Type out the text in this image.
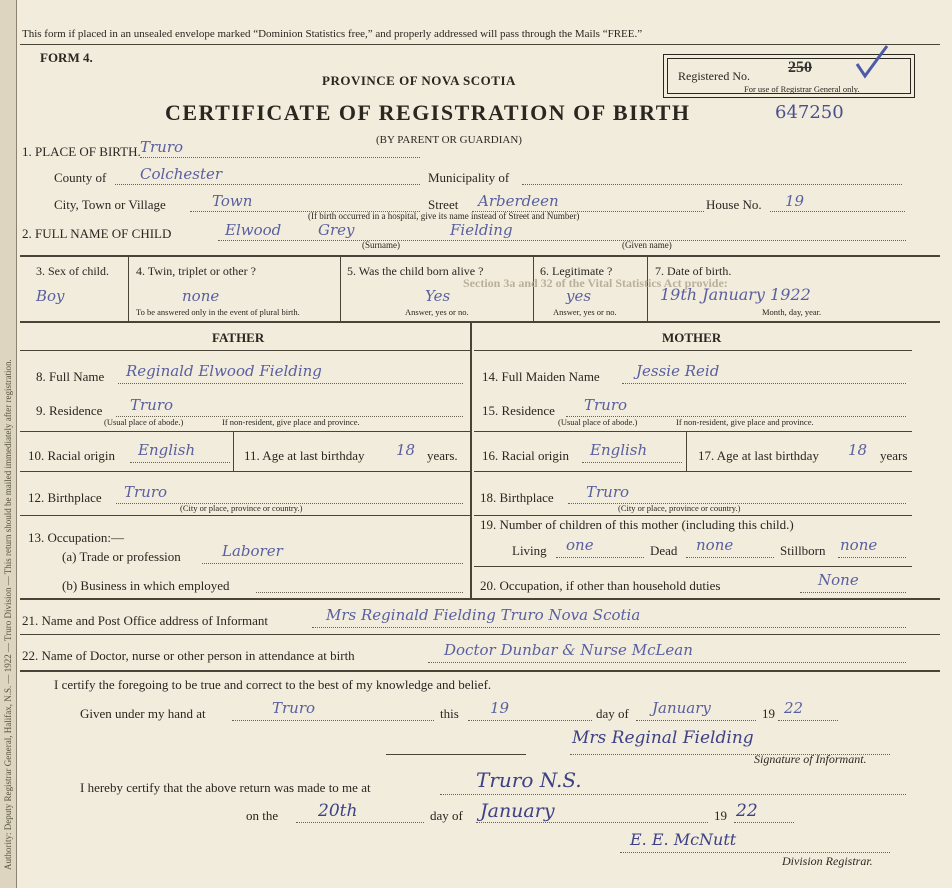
Authority: Deputy Registrar General, Halifax, N.S. — 1922 — Truro Division — This return should be mailed immediately after registration.
This form if placed in an unsealed envelope marked “Dominion Statistics free,” and properly addressed will pass through the Mails “FREE.”
FORM 4.
PROVINCE OF NOVA SCOTIA
CERTIFICATE OF REGISTRATION OF BIRTH	647250
(BY PARENT OR GUARDIAN)
Registered No. 250
For use of Registrar General only.
1. PLACE OF BIRTH. Truro
County of Colchester	Municipality of
City, Town or Village	Town	Street Arberdeen	House No. 19
(If birth occurred in a hospital, give its name instead of Street and Number)
2. FULL NAME OF CHILD	Elwood Grey	Fielding
(Surname)	(Given name)
3. Sex of child.
Boy
4. Twin, triplet or other ?
none
To be answered only in the event of plural birth.
5. Was the child born alive ?
Yes
Answer, yes or no.
6. Legitimate ?
yes
Answer, yes or no.
7. Date of birth.
19th January 1922
Month, day, year.
Section 3a and 32 of the Vital Statistics Act provide:
FATHER	MOTHER
8. Full Name Reginald Elwood Fielding
9. Residence Truro
(Usual place of abode.)	If non-resident, give place and province.
10. Racial origin English	11. Age at last birthday 18 years.
12. Birthplace Truro
(City or place, province or country.)
13. Occupation:—
(a) Trade or profession	Laborer
(b) Business in which employed
14. Full Maiden Name Jessie Reid
15. Residence Truro
(Usual place of abode.)	If non-resident, give place and province.
16. Racial origin English	17. Age at last birthday 18 years
18. Birthplace Truro
(City or place, province or country.)
19. Number of children of this mother (including this child.)
Living one	Dead none	Stillborn none
20. Occupation, if other than household duties	None
21. Name and Post Office address of Informant	Mrs Reginald Fielding Truro Nova Scotia
22. Name of Doctor, nurse or other person in attendance at birth	Doctor Dunbar & Nurse McLean
I certify the foregoing to be true and correct to the best of my knowledge and belief.
Given under my hand at	Truro	this 19	day of January	19 22
Mrs Reginal Fielding
Signature of Informant.
I hereby certify that the above return was made to me at	Truro N.S.
on the 20th	day of January	19 22
E. E. McNutt
Division Registrar.
